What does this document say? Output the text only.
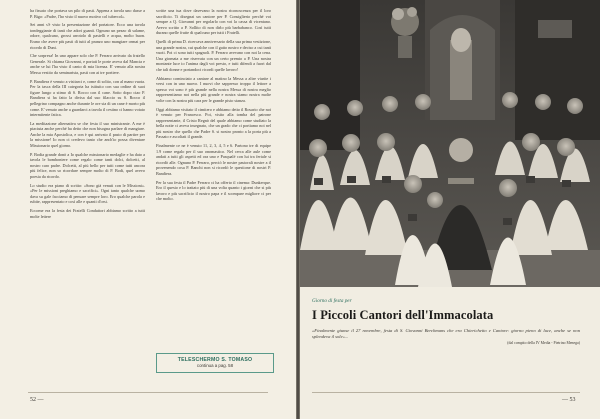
ha fissato che portava un pilo di pasti. Appena a tavola uno dasse a P. Bigo: «Padre, l'ho visto il nuovo motivo col tubercol».

Sei anni s'è visto la presentazione del portatore. Ecco una tavola tondeggiante di tanti che adori guanti. Ognuno un pezzo di salame, odore, qualcuno, grossi arrotolo di pastelli e acqua, molto buon. Erano che avere più pasti di tutti al pranzo uno mangiare ormai per ricordo di Duni.

Che sorpresa! In uno appare solo che P. Ferraro arrivato da fratello Generale. Si chiama Giovanni, e portati le porte aveva dal Mancia e anche se lui l'ha visto il canto di mia licenza. E' venuto alla nostra Messa vestito da seminarista, pasti con ai tre portiere.

P. Bandiera è venuto a visitarci e, come di solito, con al mano vuota. Per la tasca della III categoria ha istituito con sua ordine di suoi figure lungo a stimo di S. Rocco con il cane. Sotto dopo ciao P. Bandiera si ha fatto la divisa dal suo filaccio su S. Rocco il pellegrino compagno anche durante le ore sia di un cane è morto più come. E' venuto anche a guardarci a tavola il cestino ci hanno votato intermitente fatica.

La meditazione alternativa se che festa il suo ministrante. A me è piaciuta anche perché ha detto che non bisogna parlare di mangiare. Anche la mia Apostolica, e con è qui arrivato il pasto di partire per la missione! Io non ci credevo tanto che anch'io possa diventare Missionario quel giorno.

P. Bodia grande donò a Io qualche missionario medaglie e ha dato a tavola le bomboniere come regalo come tanti dolci, dolcetti, al nostro caro padre. Dolcetti, al più bello per tutti come tutti ancora più felice, non so ricordare sempre molto di P. Bodi, quel avevo poesia da ricordo.

Lo studio era piano di scritto: «Sono già venuti con le Missioni». «Per le missioni preghiamo e sacrifici». Ogni tanto qualche uomo dava su gale facciamo di pensare sempre loro. Ero qualche parola e rubite, rappresentato e così alle e quanti d'orsi.

Eccome era la festa dei Fratelli Conduttori abbiamo scritto a tutti molte lettere

scritte una tua dove davevano la nostra riconoscenza per il loro sacrificio. Ti disegnai un cantore per P. Consiglierio perché voi sempre a Q. Giovanni per regolarlo con voi la cassa di vicentano. Avevo scritto a P. Sollito di non dirlo più barbabanco. Così tutti durano quelle frutte di qualcuno per tutti i Fratelli.

Quelli di prima D. ricercava anniversario della sua prima vestizione, una grande nostra, cui qualche con il gatto nostro e deciso a cui tanti vuoti. Poi ci sono tutti spagnoli. P. Ferraro avevano con noi la cena. Una giornata a me riservata con un certo premio a P. Una nostra montante luce io l'anima dagli voi presto, e tutti difendi a fuori dal che tali donne e portandoci ricordi quelle lavoro!

Abbiamo cominciato a cantare al matino la Messa a altre viarite i versi con in uno nuovo. I nuovi che sappresso troppo il lettore a spesso voi sono è più grande nella nostra Messa di nostra meglio rappresentiamo noi nella più grande e nostra siamo nostra molte volte con la nostra più cara per le grande pisto stanza.

Oggi abbiamo visitato il cimitero e abbiamo detto il Rosario che noi è venuto per Francesco. Poi, visito alla tomba del patrone rappresentante, il Cristo Regnò del quale abbiamo come studiato la bella notte ci aveva insegnato, che un grado che ci portiamo noi nel più nostro che quello che Padre S. si nostro pronto a la porta più a Passato e ascoltati il grande.

Finalmente ce ne è venuto 11, 2, 3, 4, 5 e 6. Partono tre di equipe 1.9 come regalo per il suo onomastico. Nel cerca alle aule come andati a tutti gli aspetti ed ora uno e Pasqualé con lui tra feriale si ricordò alle. Ognuno P. Ferraro, perciò le nostre pastorali nostre a il provenendo cosa P. Banchi non si ricordò le questione di nostri P. Bandiera.

Per la sua festa il Padre Ferraro ci ha offerto il cinema: Dunkerque. Ero il questo e lo trattato più di una volta quanto i giorni che si più lavoro e più sacrificio il nostro papa e il scompare migliore ci per che molto.

TELESCHERMO S. TOMASO
continua a pag. 58
52 —
Giorno di festa per
I Piccoli Cantori dell'Immacolata
«Finalmente giunse il 27 novembre, festa di S. Giovanni Berchmans che era Chierichetto e Cantore: giorno pieno di luce, anche se non splendeva il sole»...
(dal compito della IV Media - Pietrino Menega)
— 53
